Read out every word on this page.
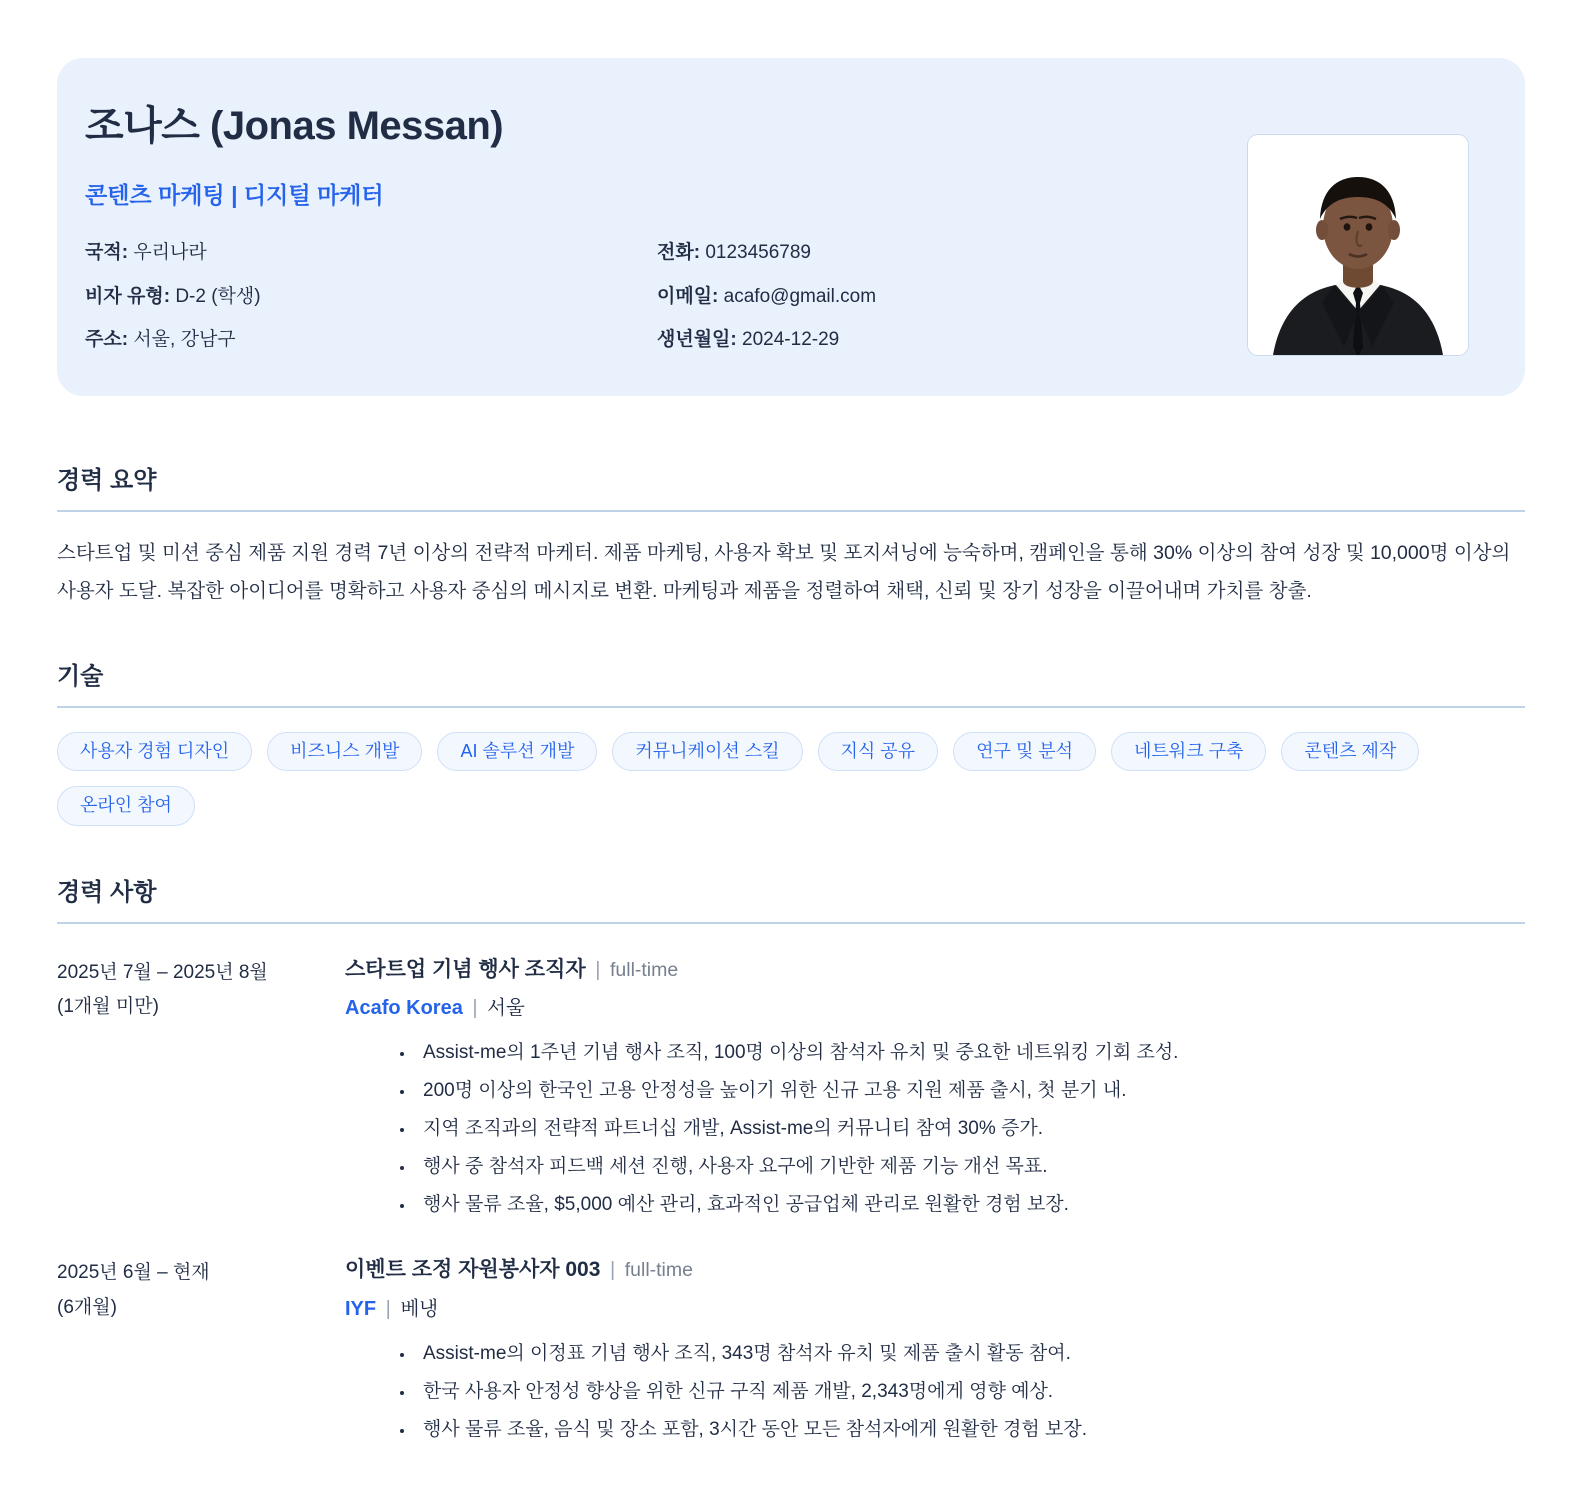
조나스 (Jonas Messan)
콘텐츠 마케팅 | 디지털 마케터
국적: 우리나라
비자 유형: D-2 (학생)
주소: 서울, 강남구
전화: 0123456789
이메일: acafo@gmail.com
생년월일: 2024-12-29
경력 요약

스타트업 및 미션 중심 제품 지원 경력 7년 이상의 전략적 마케터. 제품 마케팅, 사용자 확보 및 포지셔닝에 능숙하며, 캠페인을 통해 30% 이상의 참여 성장 및 10,000명 이상의 사용자 도달. 복잡한 아이디어를 명확하고 사용자 중심의 메시지로 변환. 마케팅과 제품을 정렬하여 채택, 신뢰 및 장기 성장을 이끌어내며 가치를 창출.

기술
사용자 경험 디자인	비즈니스 개발	AI 솔루션 개발	커뮤니케이션 스킬	지식 공유	연구 및 분석	네트워크 구축	콘텐츠 제작
온라인 참여
경력 사항
2025년 7월 – 2025년 8월
(1개월 미만)
스타트업 기념 행사 조직자 | full-time
Acafo Korea | 서울
• Assist-me의 1주년 기념 행사 조직, 100명 이상의 참석자 유치 및 중요한 네트워킹 기회 조성.
• 200명 이상의 한국인 고용 안정성을 높이기 위한 신규 고용 지원 제품 출시, 첫 분기 내.
• 지역 조직과의 전략적 파트너십 개발, Assist-me의 커뮤니티 참여 30% 증가.
• 행사 중 참석자 피드백 세션 진행, 사용자 요구에 기반한 제품 기능 개선 목표.
• 행사 물류 조율, $5,000 예산 관리, 효과적인 공급업체 관리로 원활한 경험 보장.
2025년 6월 – 현재
(6개월)
이벤트 조정 자원봉사자 003 | full-time
IYF | 베냉
• Assist-me의 이정표 기념 행사 조직, 343명 참석자 유치 및 제품 출시 활동 참여.
• 한국 사용자 안정성 향상을 위한 신규 구직 제품 개발, 2,343명에게 영향 예상.
• 행사 물류 조율, 음식 및 장소 포함, 3시간 동안 모든 참석자에게 원활한 경험 보장.
